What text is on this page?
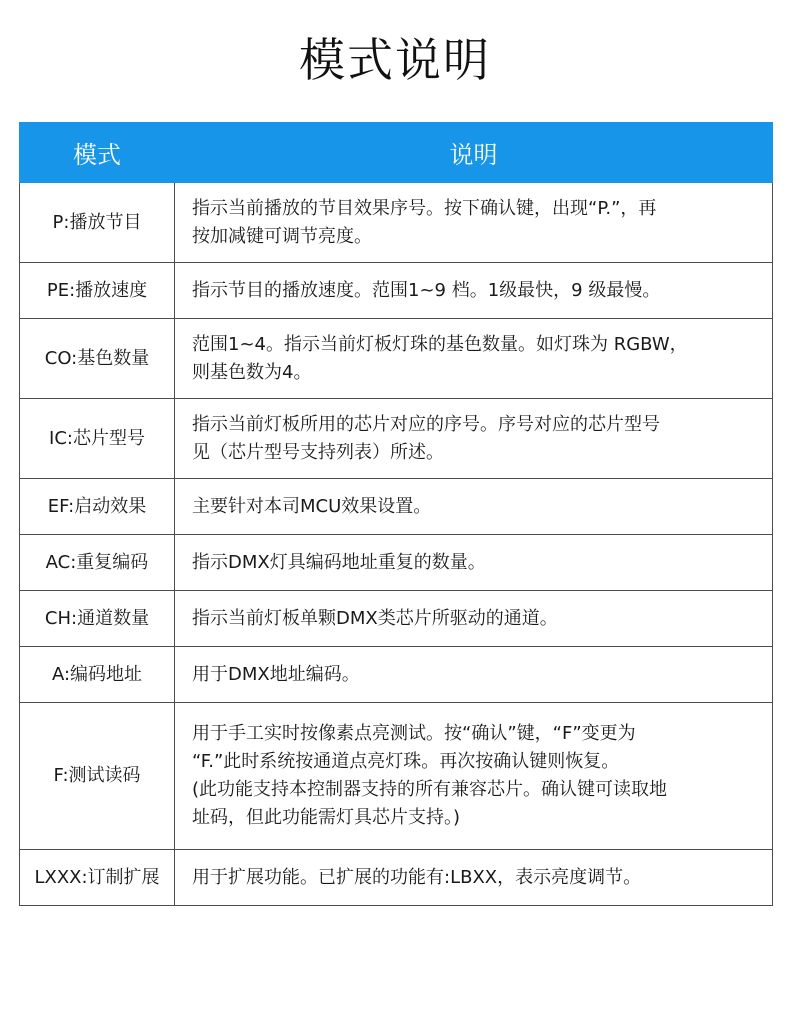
模式说明
模式	说明
P:播放节目	指示当前播放的节目效果序号。按下确认键，出现“P.”，再
按加减键可调节亮度。

PE:播放速度	指示节目的播放速度。范围1~9 档。1级最快，9 级最慢。

CO:基色数量	范围1~4。指示当前灯板灯珠的基色数量。如灯珠为 RGBW，
则基色数为4。

IC:芯片型号	指示当前灯板所用的芯片对应的序号。序号对应的芯片型号
见（芯片型号支持列表）所述。

EF:启动效果	主要针对本司MCU效果设置。

AC:重复编码	指示DMX灯具编码地址重复的数量。

CH:通道数量	指示当前灯板单颗DMX类芯片所驱动的通道。

A:编码地址	用于DMX地址编码。

F:测试读码	用于手工实时按像素点亮测试。按“确认”键，“F”变更为
“F.”此时系统按通道点亮灯珠。再次按确认键则恢复。
(此功能支持本控制器支持的所有兼容芯片。确认键可读取地
址码，但此功能需灯具芯片支持。)

LXXX:订制扩展	用于扩展功能。已扩展的功能有:LBXX，表示亮度调节。
